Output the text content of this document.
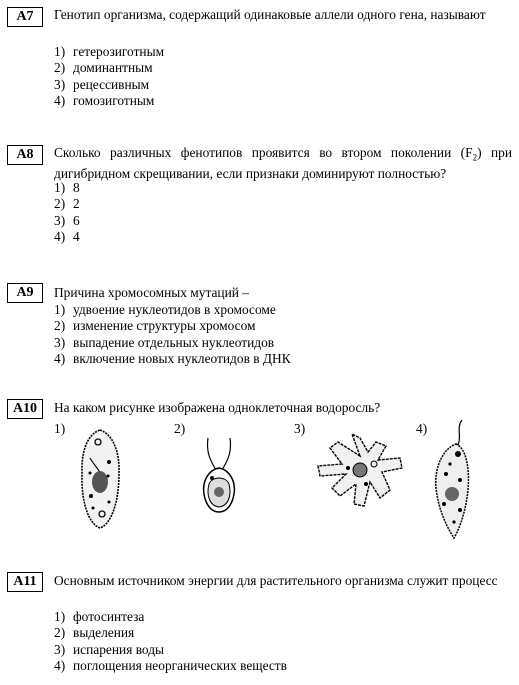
A7	Генотип организма, содержащий одинаковые аллели одного гена, называют
1) гетерозиготным
2) доминантным
3) рецессивным
4) гомозиготным
A8	Сколько различных фенотипов проявится во втором поколении $(F_2)$ при дигибридном скрещивании, если признаки доминируют полностью?
1) 8
2) 2
3) 6
4) 4
A9	Причина хромосомных мутаций –
1) удвоение нуклеотидов в хромосоме
2) изменение структуры хромосом
3) выпадение отдельных нуклеотидов
4) включение новых нуклеотидов в ДНК
A10	На каком рисунке изображена одноклеточная водоросль?
1)	2)	3)	4)
A11	Основным источником энергии для растительного организма служит процесс
1) фотосинтеза
2) выделения
3) испарения воды
4) поглощения неорганических веществ
